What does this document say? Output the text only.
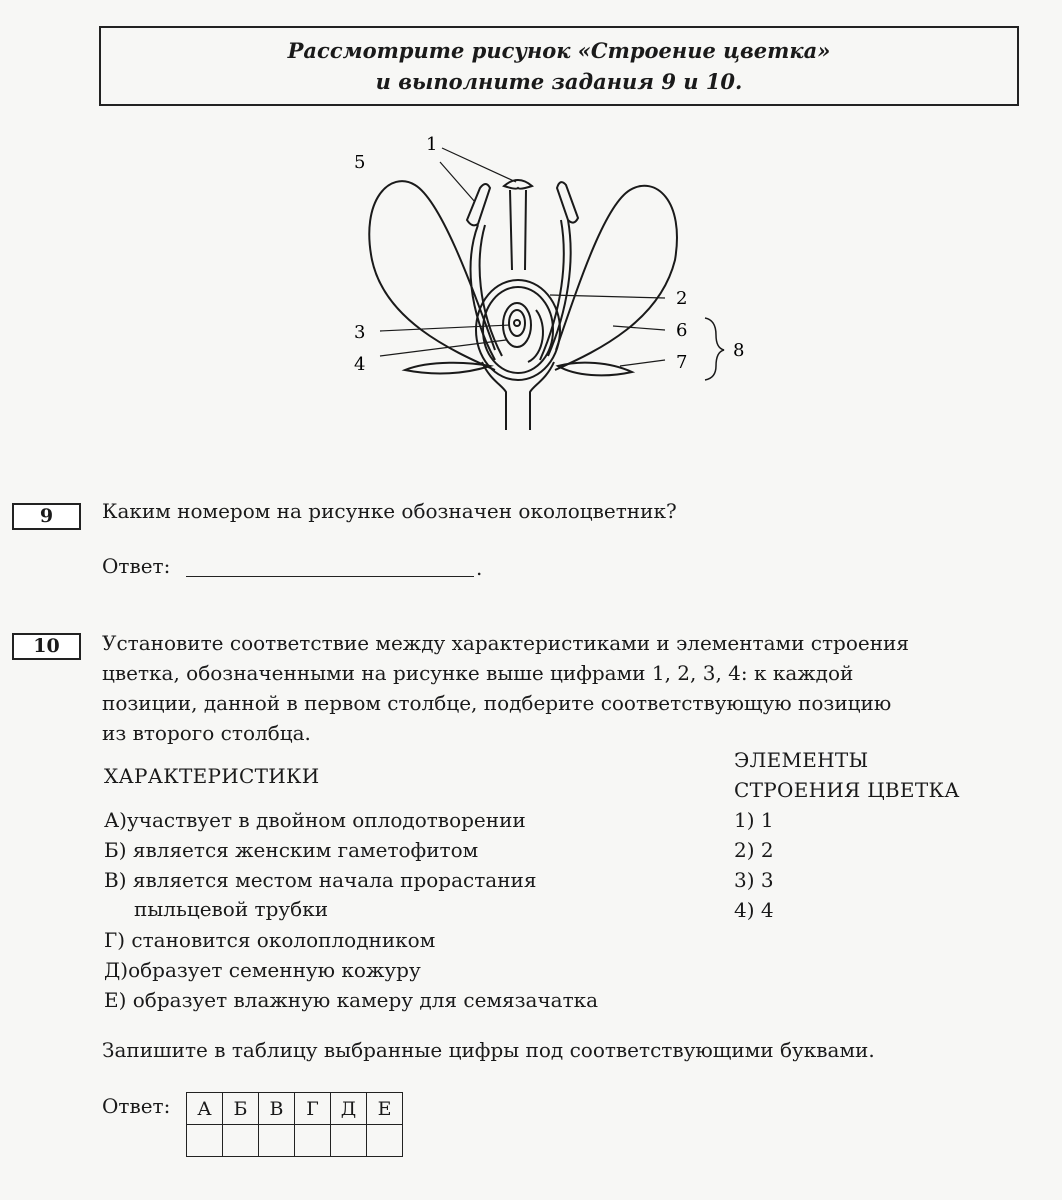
Рассмотрите рисунок «Строение цветка»
и выполните задания 9 и 10.
1
2
3
4
5
6
7
8
9	Каким номером на рисунке обозначен околоцветник?
Ответ:	.
10	Установите соответствие между характеристиками и элементами строения
цветка, обозначенными на рисунке выше цифрами 1, 2, 3, 4: к каждой
позиции, данной в первом столбце, подберите соответствующую позицию
из второго столбца.
ХАРАКТЕРИСТИКИ
ЭЛЕМЕНТЫ
СТРОЕНИЯ ЦВЕТКА
А)участвует в двойном оплодотворении
Б) является женским гаметофитом
В) является местом начала прорастания
пыльцевой трубки
Г) становится околоплодником
Д)образует семенную кожуру
Е) образует влажную камеру для семязачатка
1) 1
2) 2
3) 3
4) 4
Запишите в таблицу выбранные цифры под соответствующими буквами.
Ответ: А	Б	В	Г	Д	Е
